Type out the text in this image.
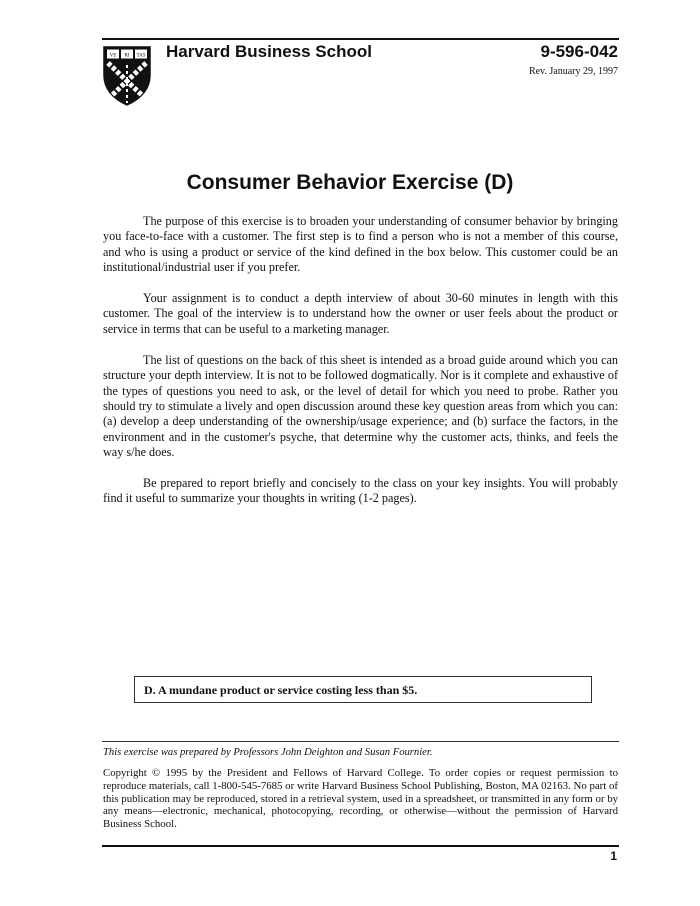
VE RI TAS Harvard Business School	9-596-042
Rev. January 29, 1997
Consumer Behavior Exercise (D)

The purpose of this exercise is to broaden your understanding of consumer behavior by bringing you face-to-face with a customer. The first step is to find a person who is not a member of this course, and who is using a product or service of the kind defined in the box below. This customer could be an institutional/industrial user if you prefer.

Your assignment is to conduct a depth interview of about 30-60 minutes in length with this customer. The goal of the interview is to understand how the owner or user feels about the product or service in terms that can be useful to a marketing manager.

The list of questions on the back of this sheet is intended as a broad guide around which you can structure your depth interview. It is not to be followed dogmatically. Nor is it complete and exhaustive of the types of questions you need to ask, or the level of detail for which you need to probe. Rather you should try to stimulate a lively and open discussion around these key question areas from which you can: (a) develop a deep understanding of the ownership/usage experience; and (b) surface the factors, in the environment and in the customer's psyche, that determine why the customer acts, thinks, and feels the way s/he does.

Be prepared to report briefly and concisely to the class on your key insights. You will probably find it useful to summarize your thoughts in writing (1-2 pages).

D. A mundane product or service costing less than $5.
This exercise was prepared by Professors John Deighton and Susan Fournier.
Copyright © 1995 by the President and Fellows of Harvard College. To order copies or request permission to reproduce materials, call 1-800-545-7685 or write Harvard Business School Publishing, Boston, MA 02163. No part of this publication may be reproduced, stored in a retrieval system, used in a spreadsheet, or transmitted in any form or by any means—electronic, mechanical, photocopying, recording, or otherwise—without the permission of Harvard Business School.
1
